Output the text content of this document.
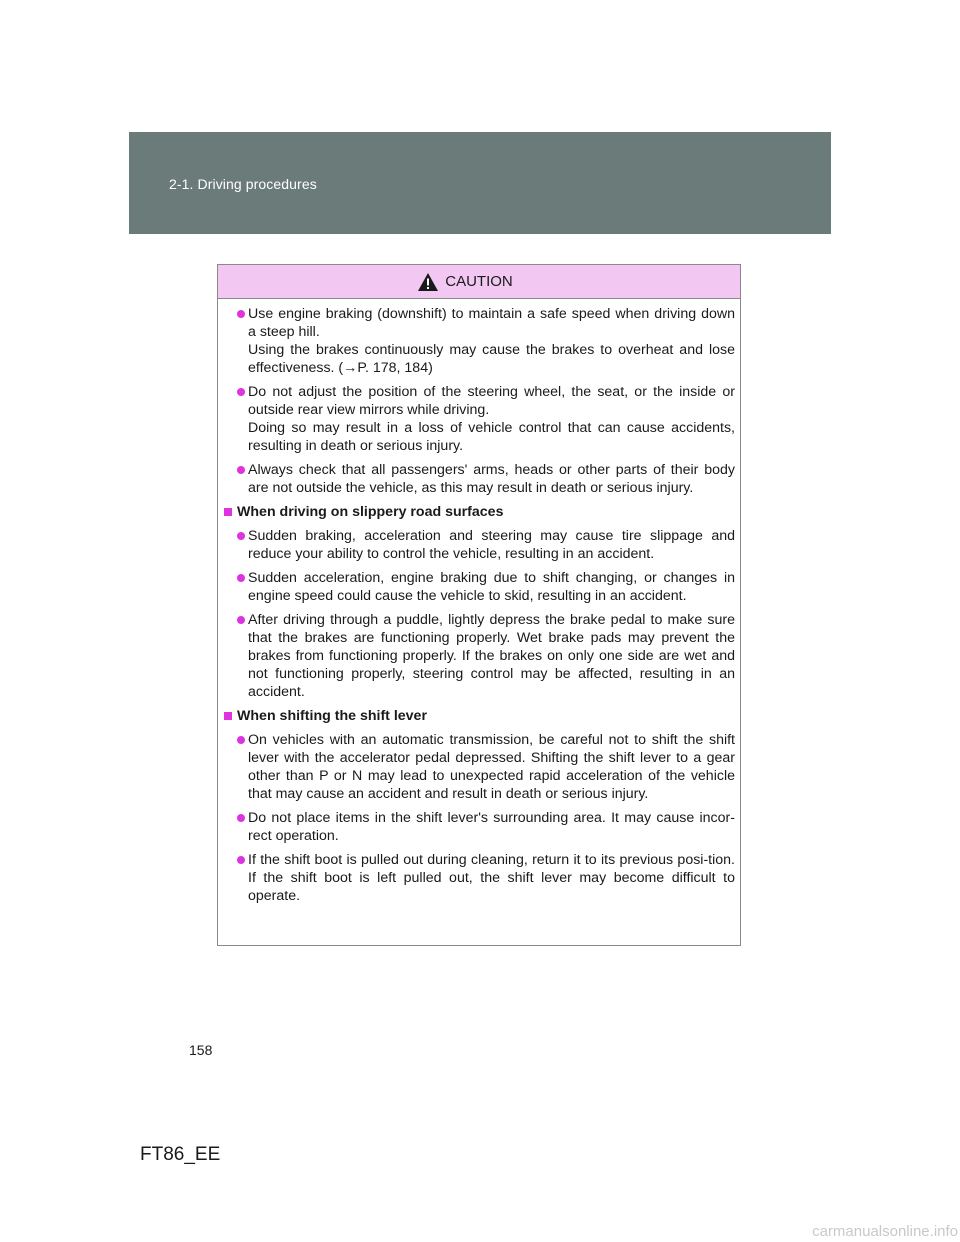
2-1. Driving procedures
CAUTION
Use engine braking (downshift) to maintain a safe speed when driving down a steep hill.
Using the brakes continuously may cause the brakes to overheat and lose effectiveness. (→P. 178, 184)
Do not adjust the position of the steering wheel, the seat, or the inside or outside rear view mirrors while driving.
Doing so may result in a loss of vehicle control that can cause accidents, resulting in death or serious injury.
Always check that all passengers' arms, heads or other parts of their body are not outside the vehicle, as this may result in death or serious injury.
When driving on slippery road surfaces
Sudden braking, acceleration and steering may cause tire slippage and reduce your ability to control the vehicle, resulting in an accident.
Sudden acceleration, engine braking due to shift changing, or changes in engine speed could cause the vehicle to skid, resulting in an accident.
After driving through a puddle, lightly depress the brake pedal to make sure that the brakes are functioning properly. Wet brake pads may prevent the brakes from functioning properly. If the brakes on only one side are wet and not functioning properly, steering control may be affected, resulting in an accident.
When shifting the shift lever
On vehicles with an automatic transmission, be careful not to shift the shift lever with the accelerator pedal depressed. Shifting the shift lever to a gear other than P or N may lead to unexpected rapid acceleration of the vehicle that may cause an accident and result in death or serious injury.
Do not place items in the shift lever's surrounding area. It may cause incor-rect operation.
If the shift boot is pulled out during cleaning, return it to its previous posi-tion. If the shift boot is left pulled out, the shift lever may become difficult to operate.
158
FT86_EE
carmanualsonline.info
